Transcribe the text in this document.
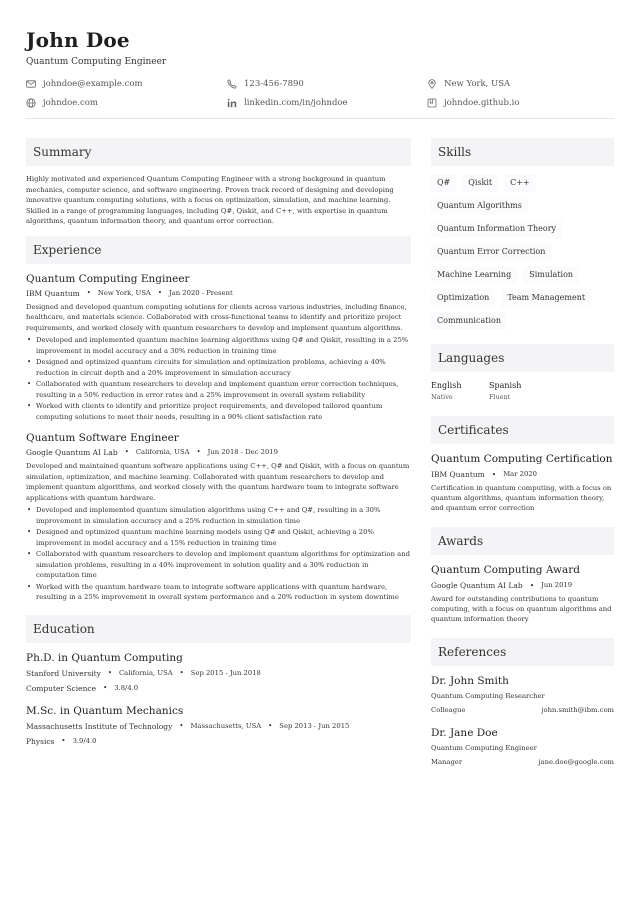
John Doe
Quantum Computing Engineer
johndoe@example.com	123-456-7890	New York, USA
johndoe.com	linkedin.com/in/johndoe	johndoe.github.io
Summary
Highly motivated and experienced Quantum Computing Engineer with a strong background in quantum mechanics, computer science, and software engineering. Proven track record of designing and developing innovative quantum computing solutions, with a focus on optimization, simulation, and machine learning. Skilled in a range of programming languages, including Q#, Qiskit, and C++, with expertise in quantum algorithms, quantum information theory, and quantum error correction.
Experience
Quantum Computing Engineer
IBM Quantum • New York, USA • Jan 2020 - Present
Designed and developed quantum computing solutions for clients across various industries, including finance, healthcare, and materials science. Collaborated with cross-functional teams to identify and prioritize project requirements, and worked closely with quantum researchers to develop and implement quantum algorithms.
• Developed and implemented quantum machine learning algorithms using Q# and Qiskit, resulting in a 25% improvement in model accuracy and a 30% reduction in training time
• Designed and optimized quantum circuits for simulation and optimization problems, achieving a 40% reduction in circuit depth and a 20% improvement in simulation accuracy
• Collaborated with quantum researchers to develop and implement quantum error correction techniques, resulting in a 50% reduction in error rates and a 25% improvement in overall system reliability
• Worked with clients to identify and prioritize project requirements, and developed tailored quantum computing solutions to meet their needs, resulting in a 90% client satisfaction rate
Quantum Software Engineer
Google Quantum AI Lab • California, USA • Jun 2018 - Dec 2019
Developed and maintained quantum software applications using C++, Q# and Qiskit, with a focus on quantum simulation, optimization, and machine learning. Collaborated with quantum researchers to develop and implement quantum algorithms, and worked closely with the quantum hardware team to integrate software applications with quantum hardware.
• Developed and implemented quantum simulation algorithms using C++ and Q#, resulting in a 30% improvement in simulation accuracy and a 25% reduction in simulation time
• Designed and optimized quantum machine learning models using Q# and Qiskit, achieving a 20% improvement in model accuracy and a 15% reduction in training time
• Collaborated with quantum researchers to develop and implement quantum algorithms for optimization and simulation problems, resulting in a 40% improvement in solution quality and a 30% reduction in computation time
• Worked with the quantum hardware team to integrate software applications with quantum hardware, resulting in a 25% improvement in overall system performance and a 20% reduction in system downtime
Education
Ph.D. in Quantum Computing
Stanford University • California, USA • Sep 2015 - Jun 2018
Computer Science • 3.8/4.0
M.Sc. in Quantum Mechanics
Massachusetts Institute of Technology • Massachusetts, USA • Sep 2013 - Jun 2015
Physics • 3.9/4.0
Skills
Q#	Qiskit	C++
Quantum Algorithms
Quantum Information Theory
Quantum Error Correction
Machine Learning	Simulation
Optimization	Team Management
Communication
Languages
English
Native
Spanish
Fluent
Certificates
Quantum Computing Certification
IBM Quantum • Mar 2020
Certification in quantum computing, with a focus on quantum algorithms, quantum information theory, and quantum error correction
Awards
Quantum Computing Award
Google Quantum AI Lab • Jun 2019
Award for outstanding contributions to quantum computing, with a focus on quantum algorithms and quantum information theory
References
Dr. John Smith
Quantum Computing Researcher
Colleague	john.smith@ibm.com
Dr. Jane Doe
Quantum Computing Engineer
Manager	jane.doe@google.com
